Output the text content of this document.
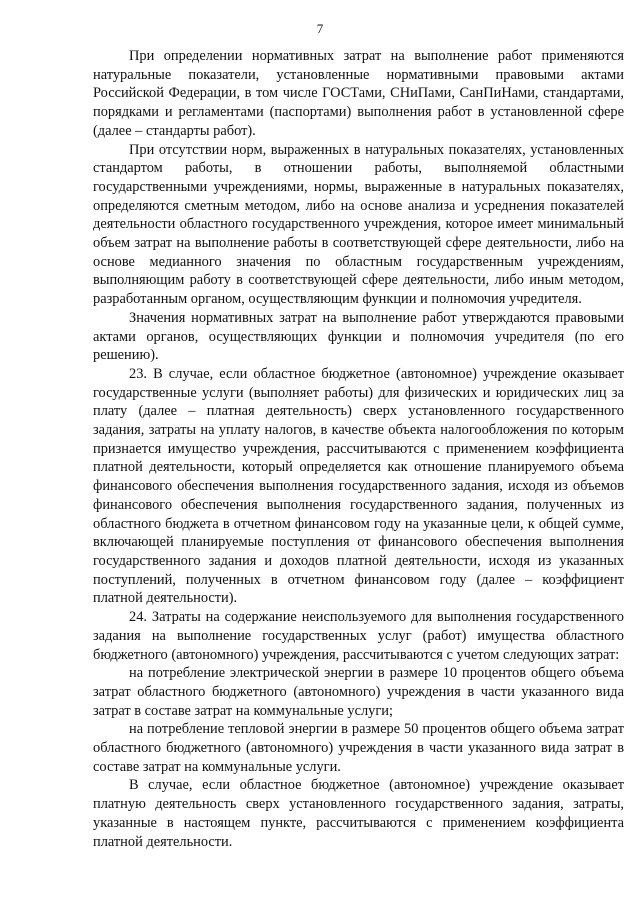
7

При определении нормативных затрат на выполнение работ применяются натуральные показатели, установленные нормативными правовыми актами Российской Федерации, в том числе ГОСТами, СНиПами, СанПиНами, стандартами, порядками и регламентами (паспортами) выполнения работ в установленной сфере (далее – стандарты работ).

При отсутствии норм, выраженных в натуральных показателях, установленных стандартом работы, в отношении работы, выполняемой областными государственными учреждениями, нормы, выраженные в натуральных показателях, определяются сметным методом, либо на основе анализа и усреднения показателей деятельности областного государственного учреждения, которое имеет минимальный объем затрат на выполнение работы в соответствующей сфере деятельности, либо на основе медианного значения по областным государственным учреждениям, выполняющим работу в соответствующей сфере деятельности, либо иным методом, разработанным органом, осуществляющим функции и полномочия учредителя.

Значения нормативных затрат на выполнение работ утверждаются правовыми актами органов, осуществляющих функции и полномочия учредителя (по его решению).

23. В случае, если областное бюджетное (автономное) учреждение оказывает государственные услуги (выполняет работы) для физических и юридических лиц за плату (далее – платная деятельность) сверх установленного государственного задания, затраты на уплату налогов, в качестве объекта налогообложения по которым признается имущество учреждения, рассчитываются с применением коэффициента платной деятельности, который определяется как отношение планируемого объема финансового обеспечения выполнения государственного задания, исходя из объемов финансового обеспечения выполнения государственного задания, полученных из областного бюджета в отчетном финансовом году на указанные цели, к общей сумме, включающей планируемые поступления от финансового обеспечения выполнения государственного задания и доходов платной деятельности, исходя из указанных поступлений, полученных в отчетном финансовом году (далее – коэффициент платной деятельности).

24. Затраты на содержание неиспользуемого для выполнения государственного задания на выполнение государственных услуг (работ) имущества областного бюджетного (автономного) учреждения, рассчитываются с учетом следующих затрат:

на потребление электрической энергии в размере 10 процентов общего объема затрат областного бюджетного (автономного) учреждения в части указанного вида затрат в составе затрат на коммунальные услуги;

на потребление тепловой энергии в размере 50 процентов общего объема затрат областного бюджетного (автономного) учреждения в части указанного вида затрат в составе затрат на коммунальные услуги.

В случае, если областное бюджетное (автономное) учреждение оказывает платную деятельность сверх установленного государственного задания, затраты, указанные в настоящем пункте, рассчитываются с применением коэффициента платной деятельности.
